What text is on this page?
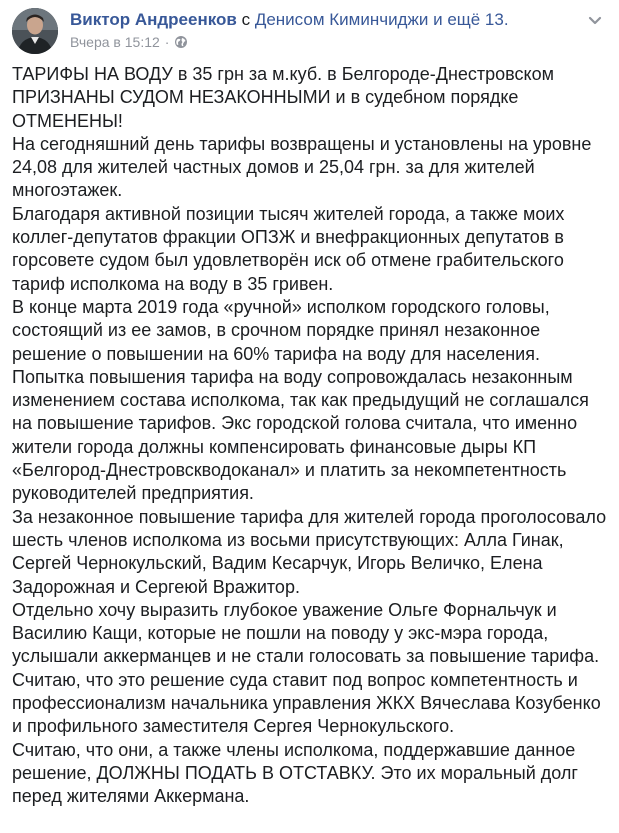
Виктор Андреенков с Денисом Киминчиджи и ещё 13.
Вчера в 15:12 ·

ТАРИФЫ НА ВОДУ в 35 грн за м.куб. в Белгороде-Днестровском ПРИЗНАНЫ СУДОМ НЕЗАКОННЫМИ и в судебном порядке ОТМЕНЕНЫ!

На сегодняшний день тарифы возвращены и установлены на уровне 24,08 для жителей частных домов и 25,04 грн. за для жителей многоэтажек.

Благодаря активной позиции тысяч жителей города, а также моих коллег-депутатов фракции ОПЗЖ и внефракционных депутатов в горсовете судом был удовлетворён иск об отмене грабительского тариф исполкома на воду в 35 гривен.

В конце марта 2019 года «ручной» исполком городского головы, состоящий из ее замов, в срочном порядке принял незаконное решение о повышении на 60% тарифа на воду для населения. Попытка повышения тарифа на воду сопровождалась незаконным изменением состава исполкома, так как предыдущий не соглашался на повышение тарифов. Экс городской голова считала, что именно жители города должны компенсировать финансовые дыры КП «Белгород-Днестровскводоканал» и платить за некомпетентность руководителей предприятия.

За незаконное повышение тарифа для жителей города проголосовало шесть членов исполкома из восьми присутствующих: Алла Гинак, Сергей Чернокульский, Вадим Кесарчук, Игорь Величко, Елена Задорожная и Сергеюй Вражитор.

Отдельно хочу выразить глубокое уважение Ольге Форнальчук и Василию Кащи, которые не пошли на поводу у экс-мэра города, услышали аккерманцев и не стали голосовать за повышение тарифа.

Считаю, что это решение суда ставит под вопрос компетентность и профессионализм начальника управления ЖКХ Вячеслава Козубенко и профильного заместителя Сергея Чернокульского.

Считаю, что они, а также члены исполкома, поддержавшие данное решение, ДОЛЖНЫ ПОДАТЬ В ОТСТАВКУ. Это их моральный долг перед жителями Аккермана.
